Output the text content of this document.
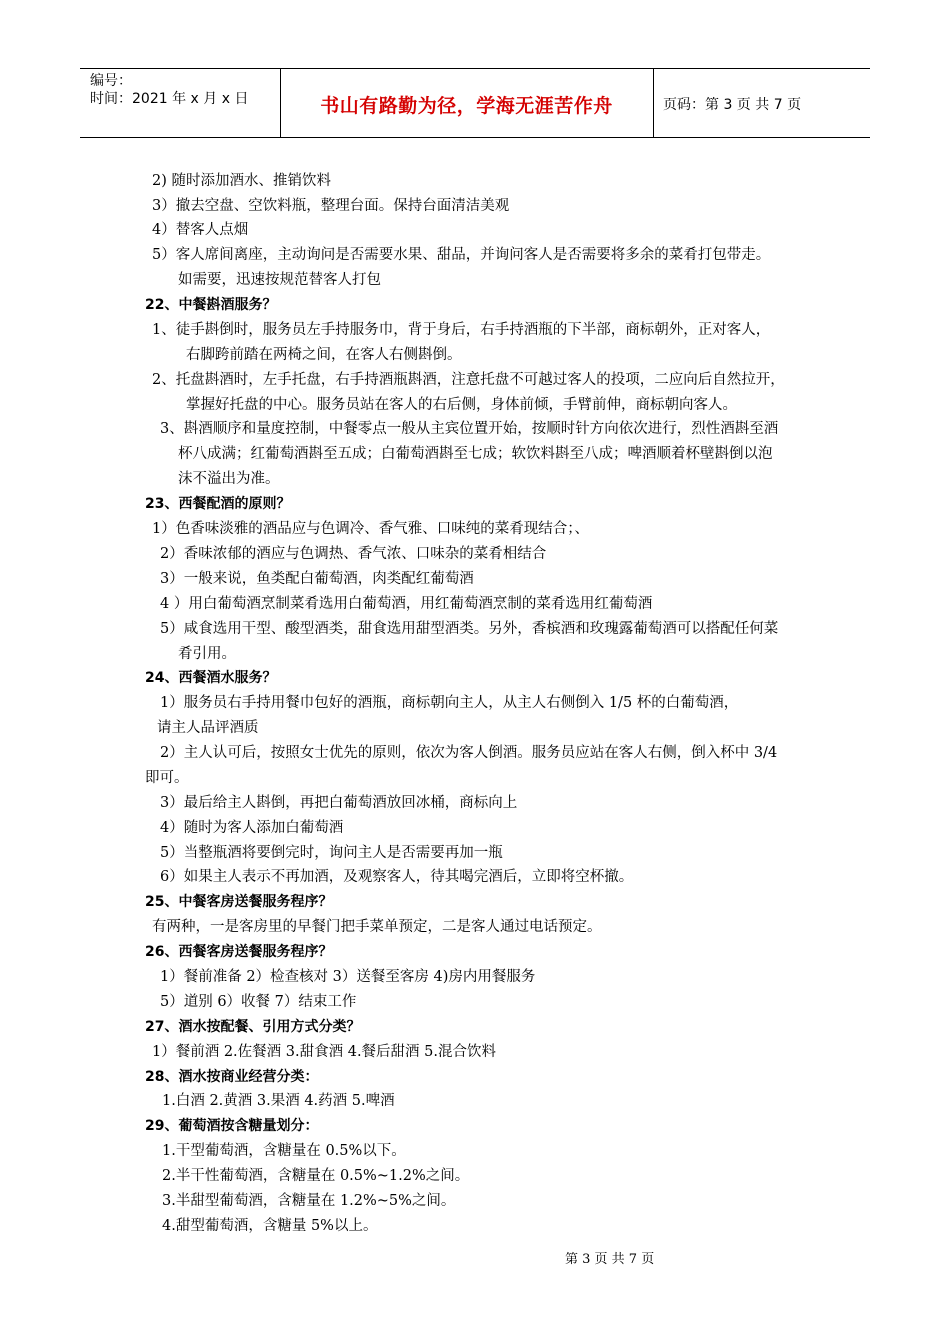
编号：
时间：2021 年 x 月 x 日	书山有路勤为径，学海无涯苦作舟	页码：第 3 页 共 7 页
2) 随时添加酒水、推销饮料
3）撤去空盘、空饮料瓶，整理台面。保持台面清洁美观
4）替客人点烟
5）客人席间离座，主动询问是否需要水果、甜品，并询问客人是否需要将多余的菜肴打包带走。
如需要，迅速按规范替客人打包
22、中餐斟酒服务？
1、徒手斟倒时，服务员左手持服务巾，背于身后，右手持酒瓶的下半部，商标朝外，正对客人，
右脚跨前踏在两椅之间，在客人右侧斟倒。
2、托盘斟酒时，左手托盘，右手持酒瓶斟酒，注意托盘不可越过客人的投项，二应向后自然拉开，
掌握好托盘的中心。服务员站在客人的右后侧，身体前倾，手臂前伸，商标朝向客人。
3、斟酒顺序和量度控制，中餐零点一般从主宾位置开始，按顺时针方向依次进行，烈性酒斟至酒
杯八成满；红葡萄酒斟至五成；白葡萄酒斟至七成；软饮料斟至八成；啤酒顺着杯壁斟倒以泡
沫不溢出为准。
23、西餐配酒的原则？
1）色香味淡雅的酒品应与色调冷、香气雅、口味纯的菜肴现结合；、
2）香味浓郁的酒应与色调热、香气浓、口味杂的菜肴相结合
3）一般来说，鱼类配白葡萄酒，肉类配红葡萄酒
4 ）用白葡萄酒烹制菜肴选用白葡萄酒，用红葡萄酒烹制的菜肴选用红葡萄酒
5）咸食选用干型、酸型酒类，甜食选用甜型酒类。另外，香槟酒和玫瑰露葡萄酒可以搭配任何菜
肴引用。
24、西餐酒水服务？
1）服务员右手持用餐巾包好的酒瓶，商标朝向主人，从主人右侧倒入 1/5 杯的白葡萄酒，
请主人品评酒质
2）主人认可后，按照女士优先的原则，依次为客人倒酒。服务员应站在客人右侧，倒入杯中 3/4
即可。
3）最后给主人斟倒，再把白葡萄酒放回冰桶，商标向上
4）随时为客人添加白葡萄酒
5）当整瓶酒将要倒完时，询问主人是否需要再加一瓶
6）如果主人表示不再加酒，及观察客人，待其喝完酒后，立即将空杯撤。
25、中餐客房送餐服务程序？
有两种，一是客房里的早餐门把手菜单预定，二是客人通过电话预定。
26、西餐客房送餐服务程序？
1）餐前准备 2）检查核对 3）送餐至客房 4)房内用餐服务
5）道别 6）收餐 7）结束工作
27、酒水按配餐、引用方式分类？
1）餐前酒 2.佐餐酒 3.甜食酒 4.餐后甜酒 5.混合饮料
28、酒水按商业经营分类：
1.白酒 2.黄酒 3.果酒 4.药酒 5.啤酒
29、葡萄酒按含糖量划分：
1.干型葡萄酒，含糖量在 0.5%以下。
2.半干性葡萄酒，含糖量在 0.5%~1.2%之间。
3.半甜型葡萄酒，含糖量在 1.2%~5%之间。
4.甜型葡萄酒，含糖量 5%以上。
第 3 页 共 7 页
